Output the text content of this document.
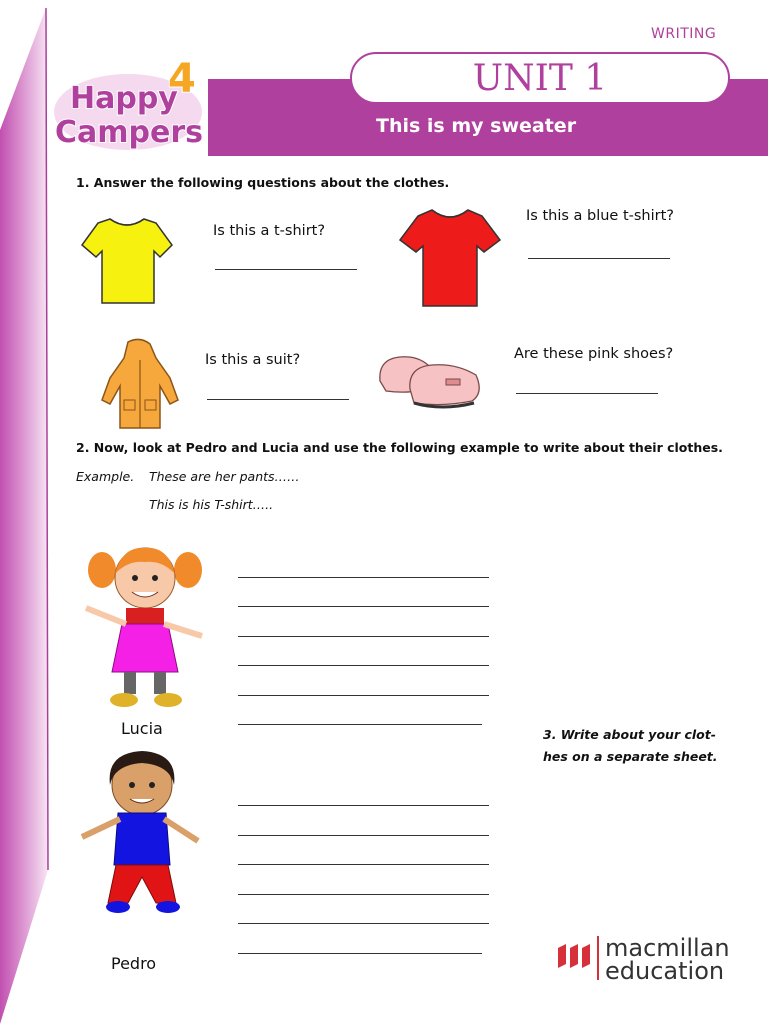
WRITING
UNIT 1
This is my sweater
Happy
Campers
4
1. Answer the following questions about the clothes.
Is this a t-shirt?
Is this a blue t-shirt?
Is this a suit?	Are these pink shoes?
2. Now, look at Pedro and Lucia and use the following example to write about their clothes.
Example. These are her pants……
This is his T-shirt…..
Lucia
Pedro
3. Write about your clot-
hes on a separate sheet.
macmillan
education
